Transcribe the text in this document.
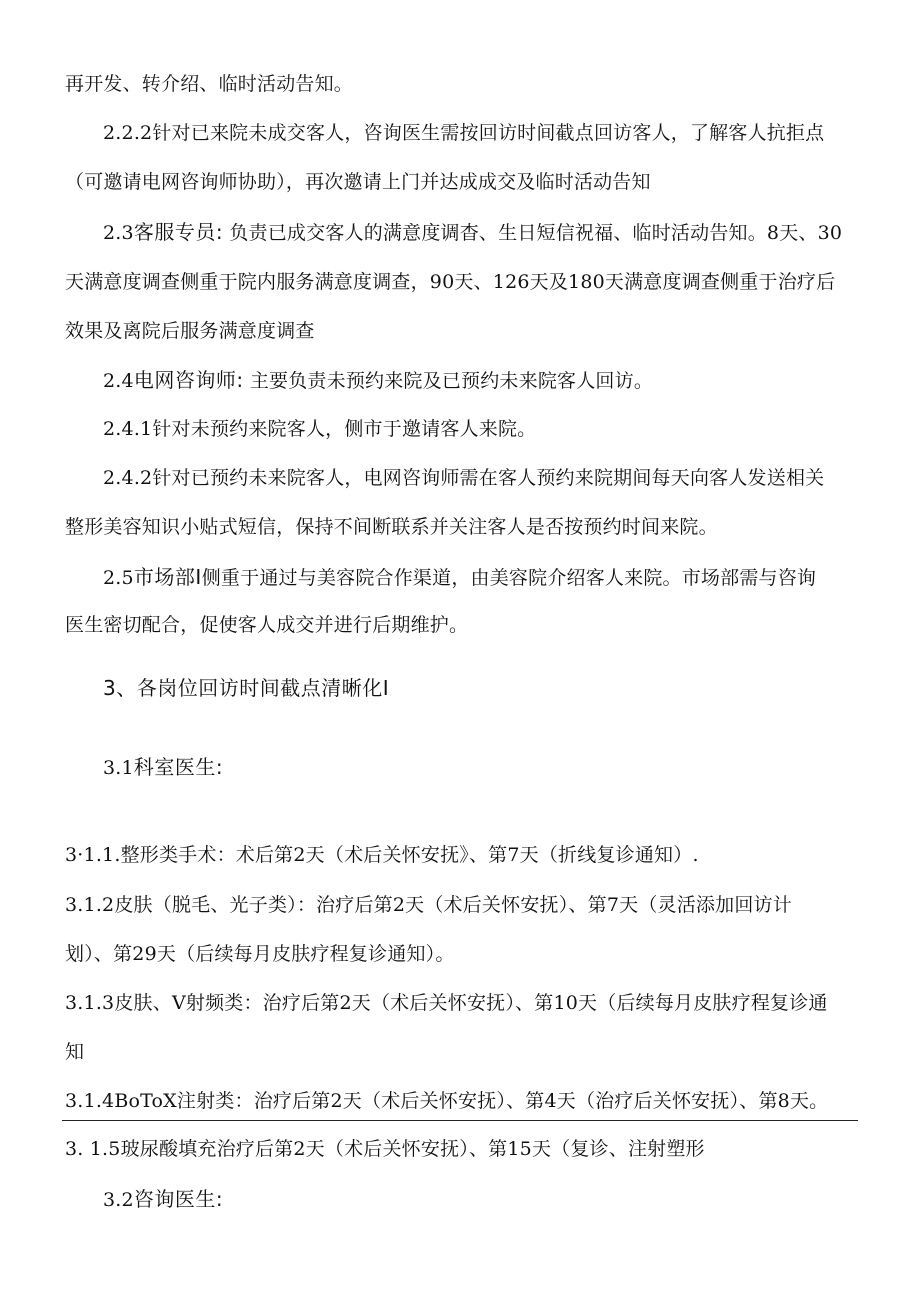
再开发、转介绍、临时活动告知。
2.2.2针对已来院未成交客人，咨询医生需按回访时间截点回访客人，了解客人抗拒点
（可邀请电网咨询师协助），再次邀请上门并达成成交及临时活动告知
2.3客服专员: 负责已成交客人的满意度调杳、生日短信祝福、临时活动告知。8天、30
天满意度调查侧重于院内服务满意度调查，90天、126天及180天满意度调查侧重于治疗后
效果及离院后服务满意度调查
2.4电网咨询师: 主要负责未预约来院及已预约未来院客人回访。
2.4.1针对未预约来院客人，侧市于邀请客人来院。
2.4.2针对已预约未来院客人，电网咨询师需在客人预约来院期间每天向客人发送相关
整形美容知识小贴式短信，保持不间断联系并关注客人是否按预约时间来院。
2.5市场部I侧重于通过与美容院合作渠道，由美容院介绍客人来院。市场部需与咨询
医生密切配合，促使客人成交并进行后期维护。
3、各岗位回访时间截点清晰化I
3.1科室医生:
3·1.1.整形类手术：术后第2天（术后关怀安抚》、第7天（折线复诊通知）.
3.1.2皮肤（脱毛、光子类）：治疗后第2天（术后关怀安抚）、第7天（灵活添加回访计
划）、第29天（后续每月皮肤疗程复诊通知）。
3.1.3皮肤、V射频类：治疗后第2天（术后关怀安抚）、第10天（后续每月皮肤疗程复诊通
知
3.1.4BoToX注射类：治疗后第2天（术后关怀安抚）、第4天（治疗后关怀安抚）、第8天。
3. 1.5玻尿酸填充治疗后第2天（术后关怀安抚）、第15天（复诊、注射塑形
3.2咨询医生:
